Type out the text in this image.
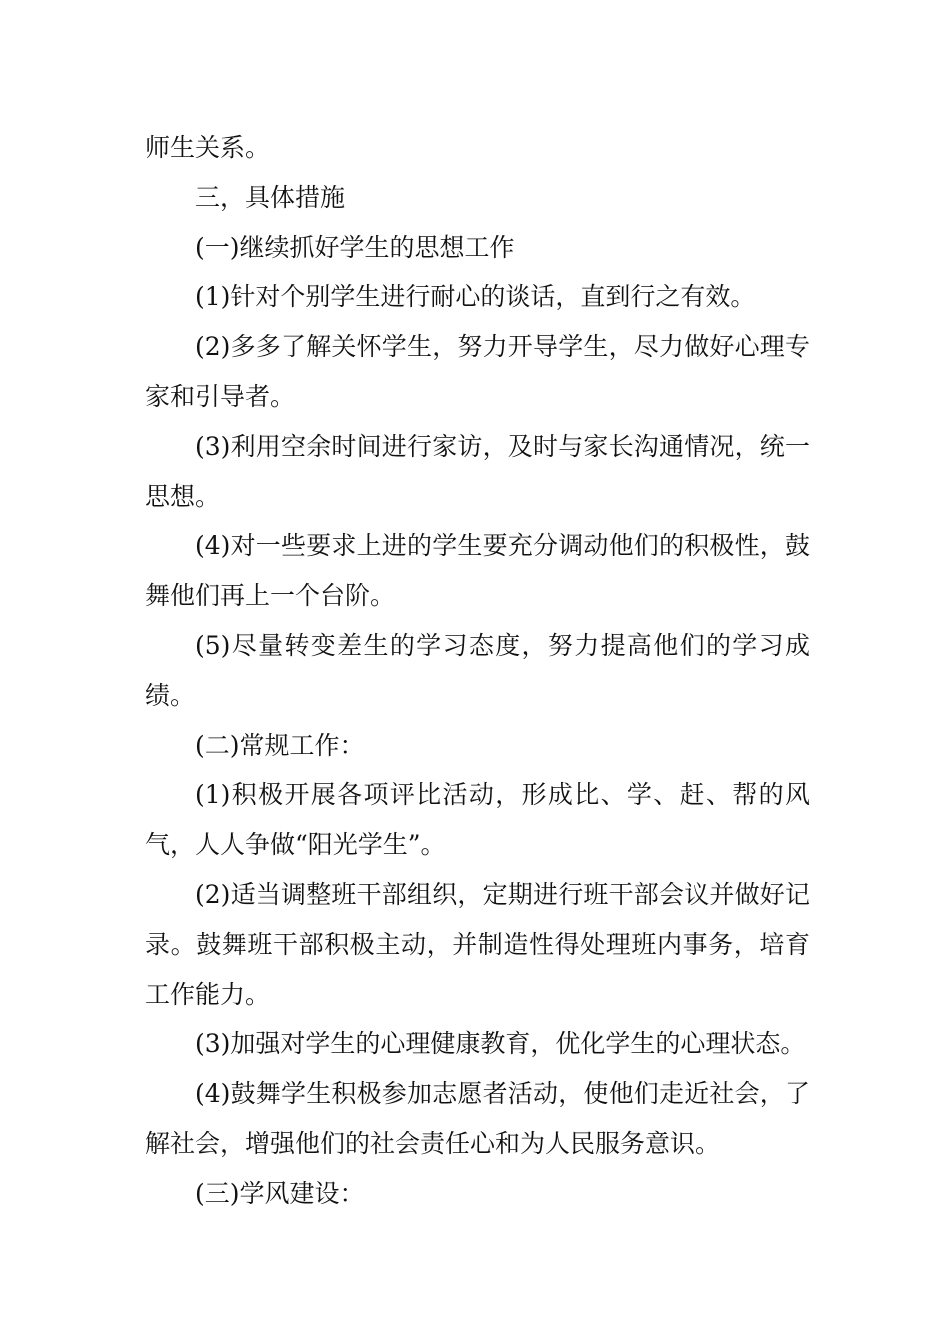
师生关系。

三，具体措施

(一)继续抓好学生的思想工作

(1)针对个别学生进行耐心的谈话，直到行之有效。

(2)多多了解关怀学生，努力开导学生，尽力做好心理专家和引导者。

(3)利用空余时间进行家访，及时与家长沟通情况，统一思想。

(4)对一些要求上进的学生要充分调动他们的积极性，鼓舞他们再上一个台阶。

(5)尽量转变差生的学习态度，努力提高他们的学习成绩。

(二)常规工作：

(1)积极开展各项评比活动，形成比、学、赶、帮的风气，人人争做“阳光学生”。

(2)适当调整班干部组织，定期进行班干部会议并做好记录。鼓舞班干部积极主动，并制造性得处理班内事务，培育工作能力。

(3)加强对学生的心理健康教育，优化学生的心理状态。

(4)鼓舞学生积极参加志愿者活动，使他们走近社会，了解社会，增强他们的社会责任心和为人民服务意识。

(三)学风建设：
